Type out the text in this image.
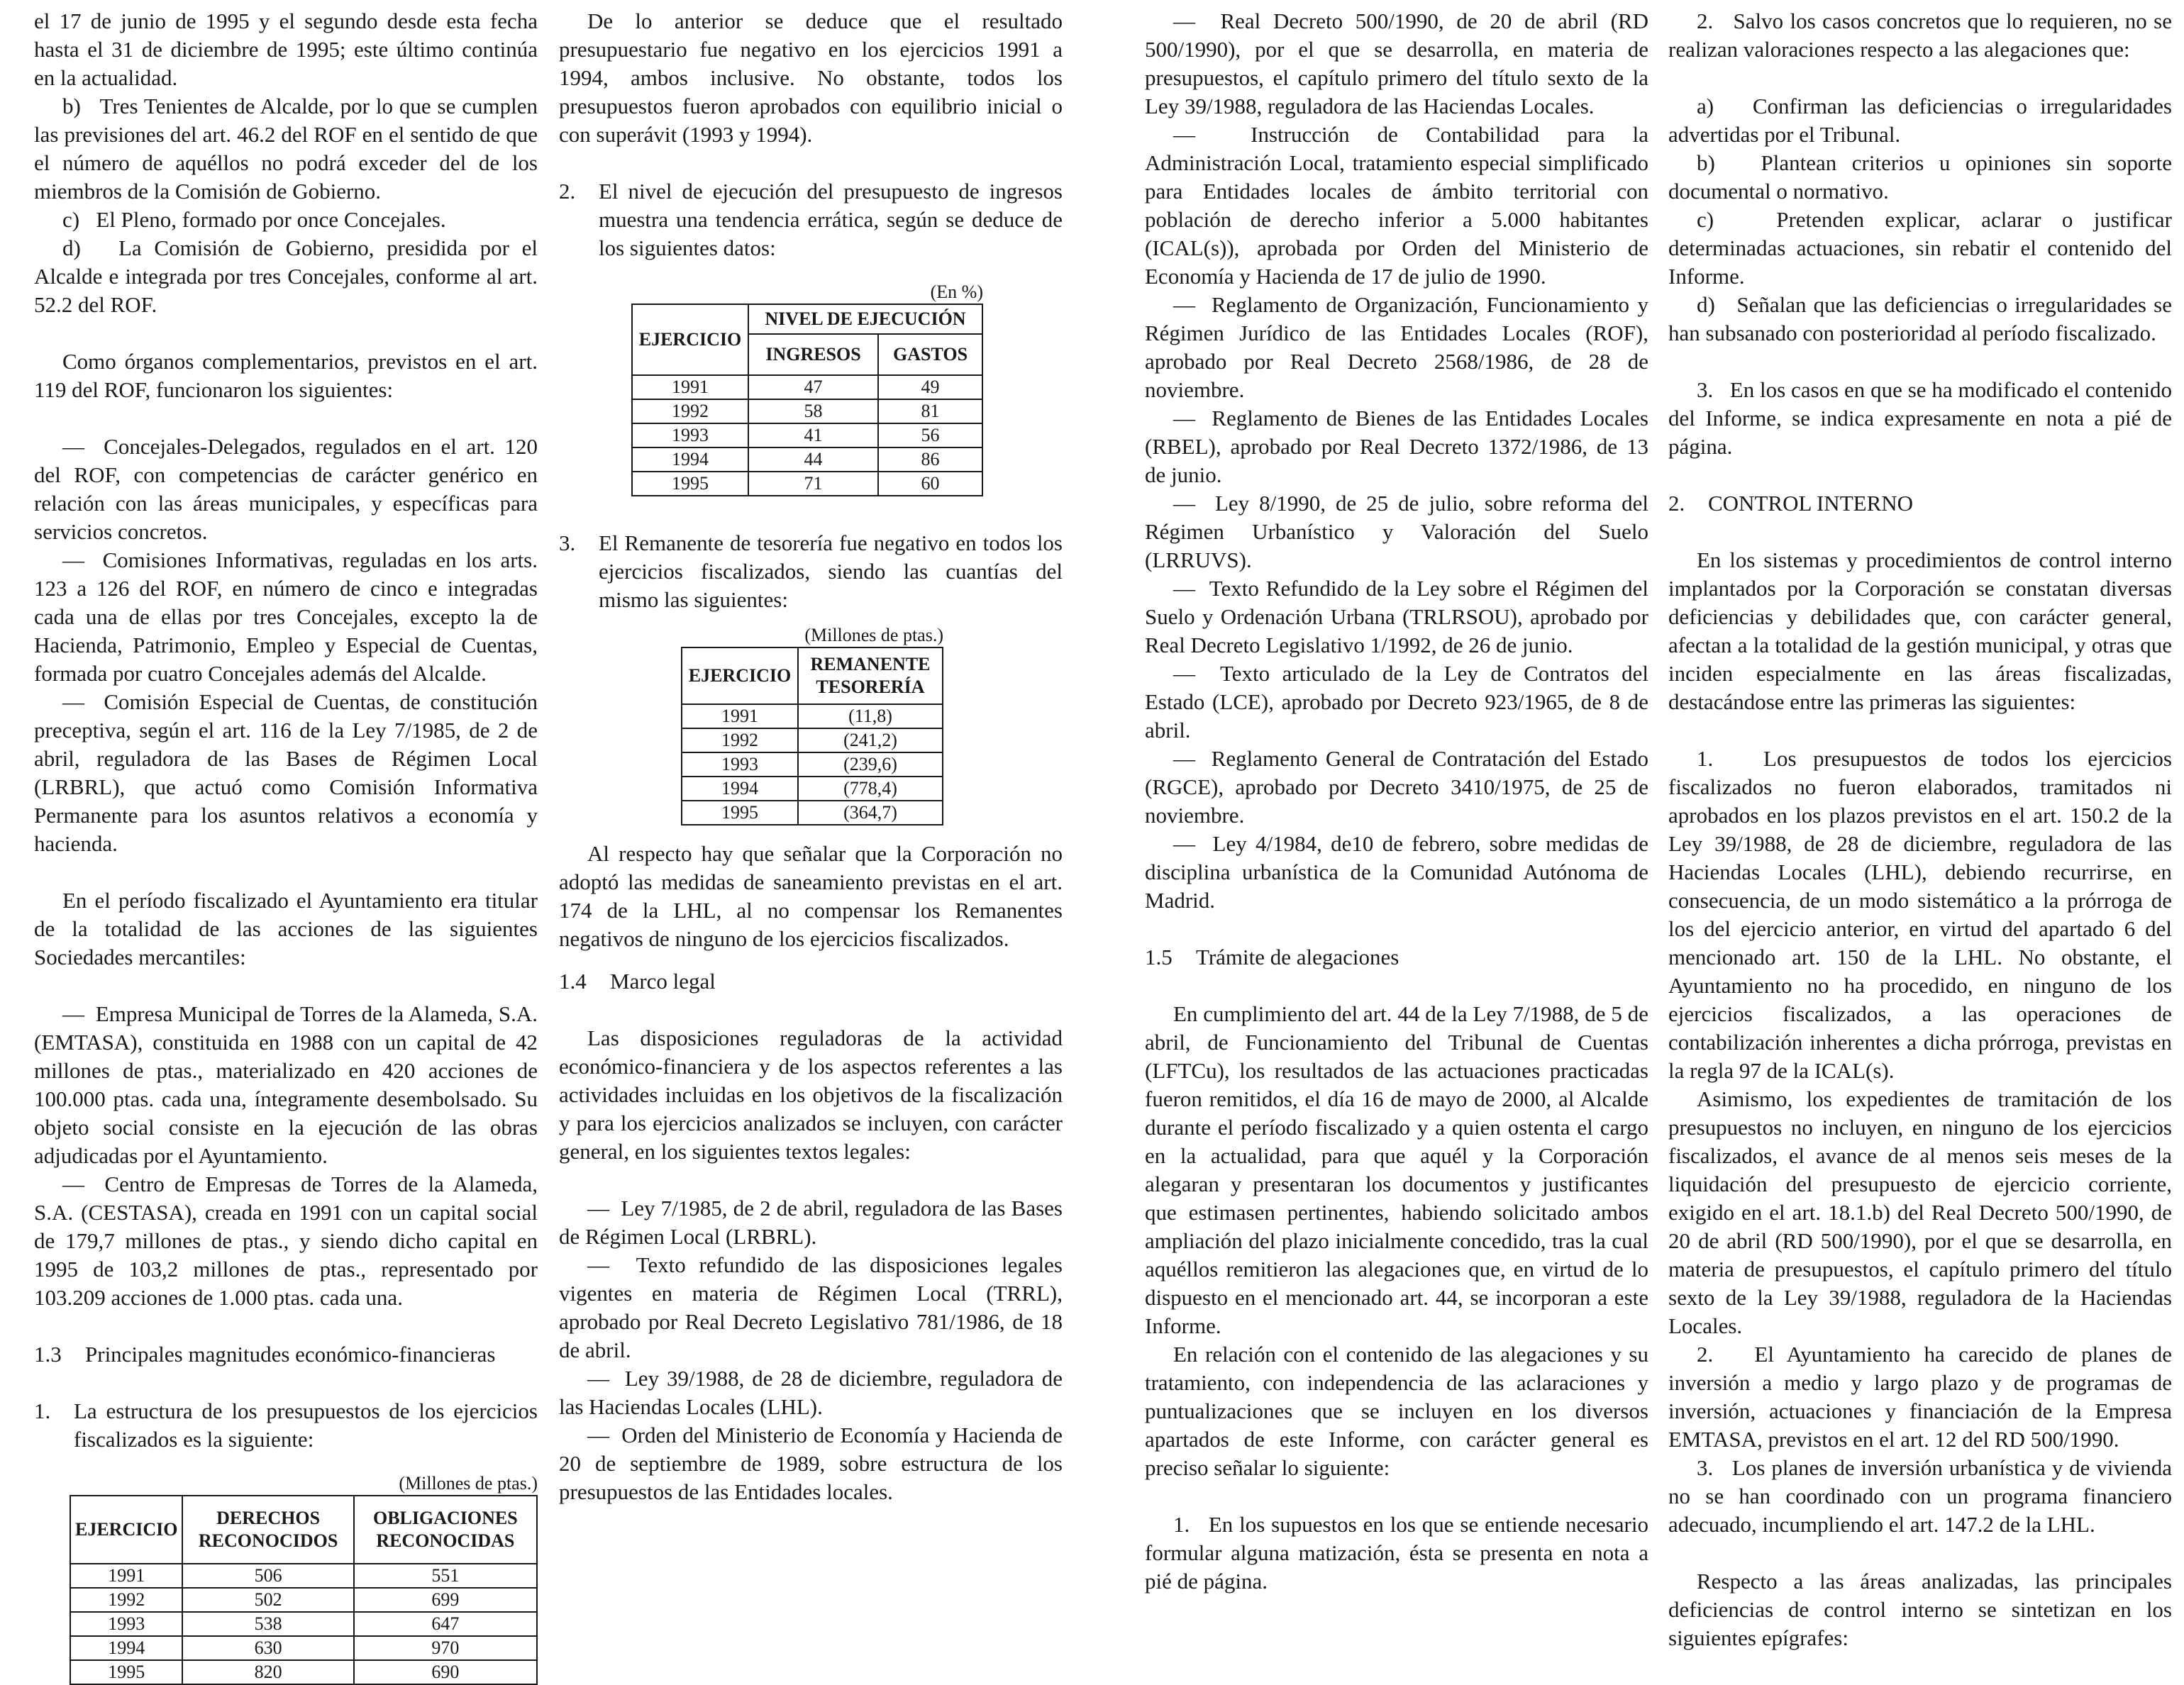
el 17 de junio de 1995 y el segundo desde esta fecha hasta el 31 de diciembre de 1995; este último continúa en la actualidad.

b)   Tres Tenientes de Alcalde, por lo que se cumplen las previsiones del art. 46.2 del ROF en el sentido de que el número de aquéllos no podrá exceder del de los miembros de la Comisión de Gobierno.

c)   El Pleno, formado por once Concejales.

d)   La Comisión de Gobierno, presidida por el Alcalde e integrada por tres Concejales, conforme al art. 52.2 del ROF.

Como órganos complementarios, previstos en el art. 119 del ROF, funcionaron los siguientes:

—  Concejales-Delegados, regulados en el art. 120 del ROF, con competencias de carácter genérico en relación con las áreas municipales, y específicas para servicios concretos.

—  Comisiones Informativas, reguladas en los arts. 123 a 126 del ROF, en número de cinco e integradas cada una de ellas por tres Concejales, excepto la de Hacienda, Patrimonio, Empleo y Especial de Cuentas, formada por cuatro Concejales además del Alcalde.

—  Comisión Especial de Cuentas, de constitución preceptiva, según el art. 116 de la Ley 7/1985, de 2 de abril, reguladora de las Bases de Régimen Local (LRBRL), que actuó como Comisión Informativa Permanente para los asuntos relativos a economía y hacienda.

En el período fiscalizado el Ayuntamiento era titular de la totalidad de las acciones de las siguientes Sociedades mercantiles:

—  Empresa Municipal de Torres de la Alameda, S.A. (EMTASA), constituida en 1988 con un capital de 42 millones de ptas., materializado en 420 acciones de 100.000 ptas. cada una, íntegramente desembolsado. Su objeto social consiste en la ejecución de las obras adjudicadas por el Ayuntamiento.

—  Centro de Empresas de Torres de la Alameda, S.A. (CESTASA), creada en 1991 con un capital social de 179,7 millones de ptas., y siendo dicho capital en 1995 de 103,2 millones de ptas., representado por 103.209 acciones de 1.000 ptas. cada una.

1.3 Principales magnitudes económico-financieras

1.	La estructura de los presupuestos de los ejercicios fiscalizados es la siguiente:
(Millones de ptas.)
EJERCICIO	DERECHOS RECONOCIDOS	OBLIGACIONES RECONOCIDAS
1991	506	551
1992	502	699
1993	538	647
1994	630	970
1995	820	690

De lo anterior se deduce que el resultado presupuestario fue negativo en los ejercicios 1991 a 1994, ambos inclusive. No obstante, todos los presupuestos fueron aprobados con equilibrio inicial o con superávit (1993 y 1994).

2.	El nivel de ejecución del presupuesto de ingresos muestra una tendencia errática, según se deduce de los siguientes datos:
(En %)
EJERCICIO	NIVEL DE EJECUCIÓN	
	INGRESOS	GASTOS
1991	47	49
1992	58	81
1993	41	56
1994	44	86
1995	71	60
3.	El Remanente de tesorería fue negativo en todos los ejercicios fiscalizados, siendo las cuantías del mismo las siguientes:
(Millones de ptas.)
EJERCICIO	REMANENTE TESORERÍA
1991	(11,8)
1992	(241,2)
1993	(239,6)
1994	(778,4)
1995	(364,7)

Al respecto hay que señalar que la Corporación no adoptó las medidas de saneamiento previstas en el art. 174 de la LHL, al no compensar los Remanentes negativos de ninguno de los ejercicios fiscalizados.

1.4 Marco legal

Las disposiciones reguladoras de la actividad económico-financiera y de los aspectos referentes a las actividades incluidas en los objetivos de la fiscalización y para los ejercicios analizados se incluyen, con carácter general, en los siguientes textos legales:

—  Ley 7/1985, de 2 de abril, reguladora de las Bases de Régimen Local (LRBRL).

—  Texto refundido de las disposiciones legales vigentes en materia de Régimen Local (TRRL), aprobado por Real Decreto Legislativo 781/1986, de 18 de abril.

—  Ley 39/1988, de 28 de diciembre, reguladora de las Haciendas Locales (LHL).

—  Orden del Ministerio de Economía y Hacienda de 20 de septiembre de 1989, sobre estructura de los presupuestos de las Entidades locales.

—  Real Decreto 500/1990, de 20 de abril (RD 500/1990), por el que se desarrolla, en materia de presupuestos, el capítulo primero del título sexto de la Ley 39/1988, reguladora de las Haciendas Locales.

—  Instrucción de Contabilidad para la Administración Local, tratamiento especial simplificado para Entidades locales de ámbito territorial con población de derecho inferior a 5.000 habitantes (ICAL(s)), aprobada por Orden del Ministerio de Economía y Hacienda de 17 de julio de 1990.

—  Reglamento de Organización, Funcionamiento y Régimen Jurídico de las Entidades Locales (ROF), aprobado por Real Decreto 2568/1986, de 28 de noviembre.

—  Reglamento de Bienes de las Entidades Locales (RBEL), aprobado por Real Decreto 1372/1986, de 13 de junio.

—  Ley 8/1990, de 25 de julio, sobre reforma del Régimen Urbanístico y Valoración del Suelo (LRRUVS).

—  Texto Refundido de la Ley sobre el Régimen del Suelo y Ordenación Urbana (TRLRSOU), aprobado por Real Decreto Legislativo 1/1992, de 26 de junio.

—  Texto articulado de la Ley de Contratos del Estado (LCE), aprobado por Decreto 923/1965, de 8 de abril.

—  Reglamento General de Contratación del Estado (RGCE), aprobado por Decreto 3410/1975, de 25 de noviembre.

—  Ley 4/1984, de10 de febrero, sobre medidas de disciplina urbanística de la Comunidad Autónoma de Madrid.

1.5 Trámite de alegaciones

En cumplimiento del art. 44 de la Ley 7/1988, de 5 de abril, de Funcionamiento del Tribunal de Cuentas (LFTCu), los resultados de las actuaciones practicadas fueron remitidos, el día 16 de mayo de 2000, al Alcalde durante el período fiscalizado y a quien ostenta el cargo en la actualidad, para que aquél y la Corporación alegaran y presentaran los documentos y justificantes que estimasen pertinentes, habiendo solicitado ambos ampliación del plazo inicialmente concedido, tras la cual aquéllos remitieron las alegaciones que, en virtud de lo dispuesto en el mencionado art. 44, se incorporan a este Informe.

En relación con el contenido de las alegaciones y su tratamiento, con independencia de las aclaraciones y puntualizaciones que se incluyen en los diversos apartados de este Informe, con carácter general es preciso señalar lo siguiente:

1.   En los supuestos en los que se entiende necesario formular alguna matización, ésta se presenta en nota a pié de página.

2.   Salvo los casos concretos que lo requieren, no se realizan valoraciones respecto a las alegaciones que:

a)   Confirman las deficiencias o irregularidades advertidas por el Tribunal.

b)   Plantean criterios u opiniones sin soporte documental o normativo.

c)   Pretenden explicar, aclarar o justificar determinadas actuaciones, sin rebatir el contenido del Informe.

d)   Señalan que las deficiencias o irregularidades se han subsanado con posterioridad al período fiscalizado.

3.   En los casos en que se ha modificado el contenido del Informe, se indica expresamente en nota a pié de página.

2. CONTROL INTERNO

En los sistemas y procedimientos de control interno implantados por la Corporación se constatan diversas deficiencias y debilidades que, con carácter general, afectan a la totalidad de la gestión municipal, y otras que inciden especialmente en las áreas fiscalizadas, destacándose entre las primeras las siguientes:

1.   Los presupuestos de todos los ejercicios fiscalizados no fueron elaborados, tramitados ni aprobados en los plazos previstos en el art. 150.2 de la Ley 39/1988, de 28 de diciembre, reguladora de las Haciendas Locales (LHL), debiendo recurrirse, en consecuencia, de un modo sistemático a la prórroga de los del ejercicio anterior, en virtud del apartado 6 del mencionado art. 150 de la LHL. No obstante, el Ayuntamiento no ha procedido, en ninguno de los ejercicios fiscalizados, a las operaciones de contabilización inherentes a dicha prórroga, previstas en la regla 97 de la ICAL(s).

Asimismo, los expedientes de tramitación de los presupuestos no incluyen, en ninguno de los ejercicios fiscalizados, el avance de al menos seis meses de la liquidación del presupuesto de ejercicio corriente, exigido en el art. 18.1.b) del Real Decreto 500/1990, de 20 de abril (RD 500/1990), por el que se desarrolla, en materia de presupuestos, el capítulo primero del título sexto de la Ley 39/1988, reguladora de la Haciendas Locales.

2.   El Ayuntamiento ha carecido de planes de inversión a medio y largo plazo y de programas de inversión, actuaciones y financiación de la Empresa EMTASA, previstos en el art. 12 del RD 500/1990.

3.   Los planes de inversión urbanística y de vivienda no se han coordinado con un programa financiero adecuado, incumpliendo el art. 147.2 de la LHL.

Respecto a las áreas analizadas, las principales deficiencias de control interno se sintetizan en los siguientes epígrafes:
